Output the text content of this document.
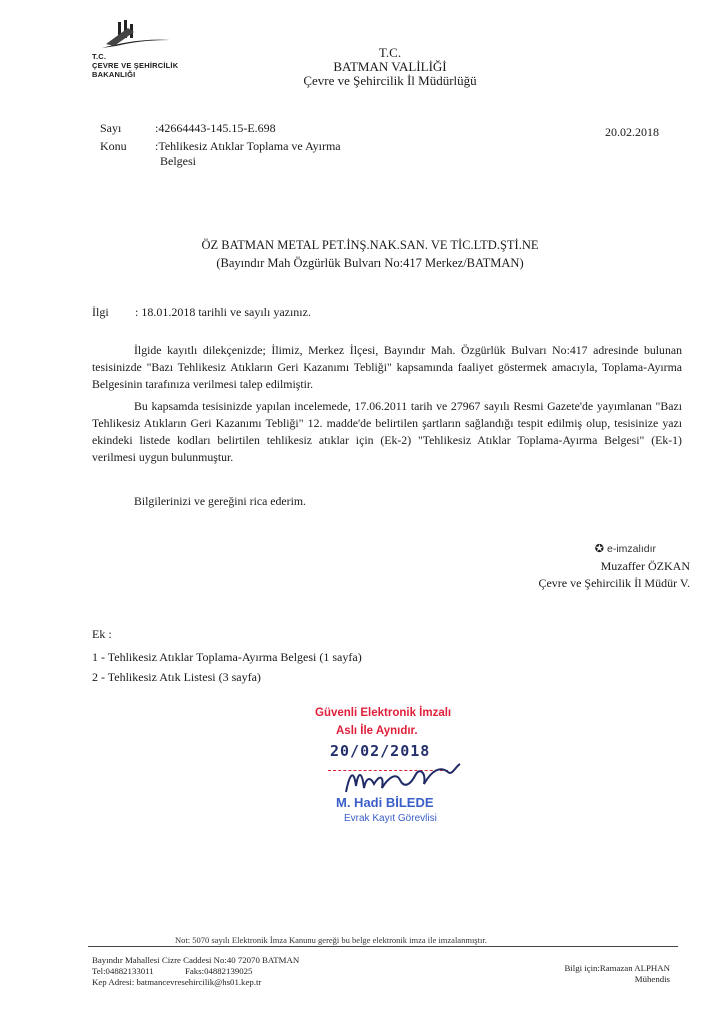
T.C.
ÇEVRE VE ŞEHİRCİLİK
BAKANLIĞI
T.C.
BATMAN VALİLİĞİ
Çevre ve Şehircilik İl Müdürlüğü
Sayı	:42664443-145.15-E.698
Konu :Tehlikesiz Atıklar Toplama ve Ayırma
Belgesi
20.02.2018
ÖZ BATMAN METAL PET.İNŞ.NAK.SAN. VE TİC.LTD.ŞTİ.NE
(Bayındır Mah Özgürlük Bulvarı No:417 Merkez/BATMAN)
İlgi : 18.01.2018 tarihli ve sayılı yazınız.
İlgide kayıtlı dilekçenizde; İlimiz, Merkez İlçesi, Bayındır Mah. Özgürlük Bulvarı No:417 adresinde bulunan tesisinizde "Bazı Tehlikesiz Atıkların Geri Kazanımı Tebliği" kapsamında faaliyet göstermek amacıyla, Toplama-Ayırma Belgesinin tarafınıza verilmesi talep edilmiştir.
Bu kapsamda tesisinizde yapılan incelemede, 17.06.2011 tarih ve 27967 sayılı Resmi Gazete'de yayımlanan "Bazı Tehlikesiz Atıkların Geri Kazanımı Tebliği" 12. madde'de belirtilen şartların sağlandığı tespit edilmiş olup, tesisinize yazı ekindeki listede kodları belirtilen tehlikesiz atıklar için (Ek-2) "Tehlikesiz Atıklar Toplama-Ayırma Belgesi" (Ek-1) verilmesi uygun bulunmuştur.
Bilgilerinizi ve gereğini rica ederim.
✪ e-imzalıdır
Muzaffer ÖZKAN
Çevre ve Şehircilik İl Müdür V.
Ek :
1 - Tehlikesiz Atıklar Toplama-Ayırma Belgesi (1 sayfa)
2 - Tehlikesiz Atık Listesi (3 sayfa)
Güvenli Elektronik İmzalı
Aslı İle Aynıdır.
20/02/2018
M. Hadi BİLEDE
Evrak Kayıt Görevlisi
Not: 5070 sayılı Elektronik İmza Kanunu gereği bu belge elektronik imza ile imzalanmıştır.
Bayındır Mahallesi Cizre Caddesi No:40 72070 BATMAN
Tel:04882133011	Faks:04882139025
Kep Adresi: batmancevresehircilik@hs01.kep.tr
Bilgi için:Ramazan ALPHAN
Mühendis
